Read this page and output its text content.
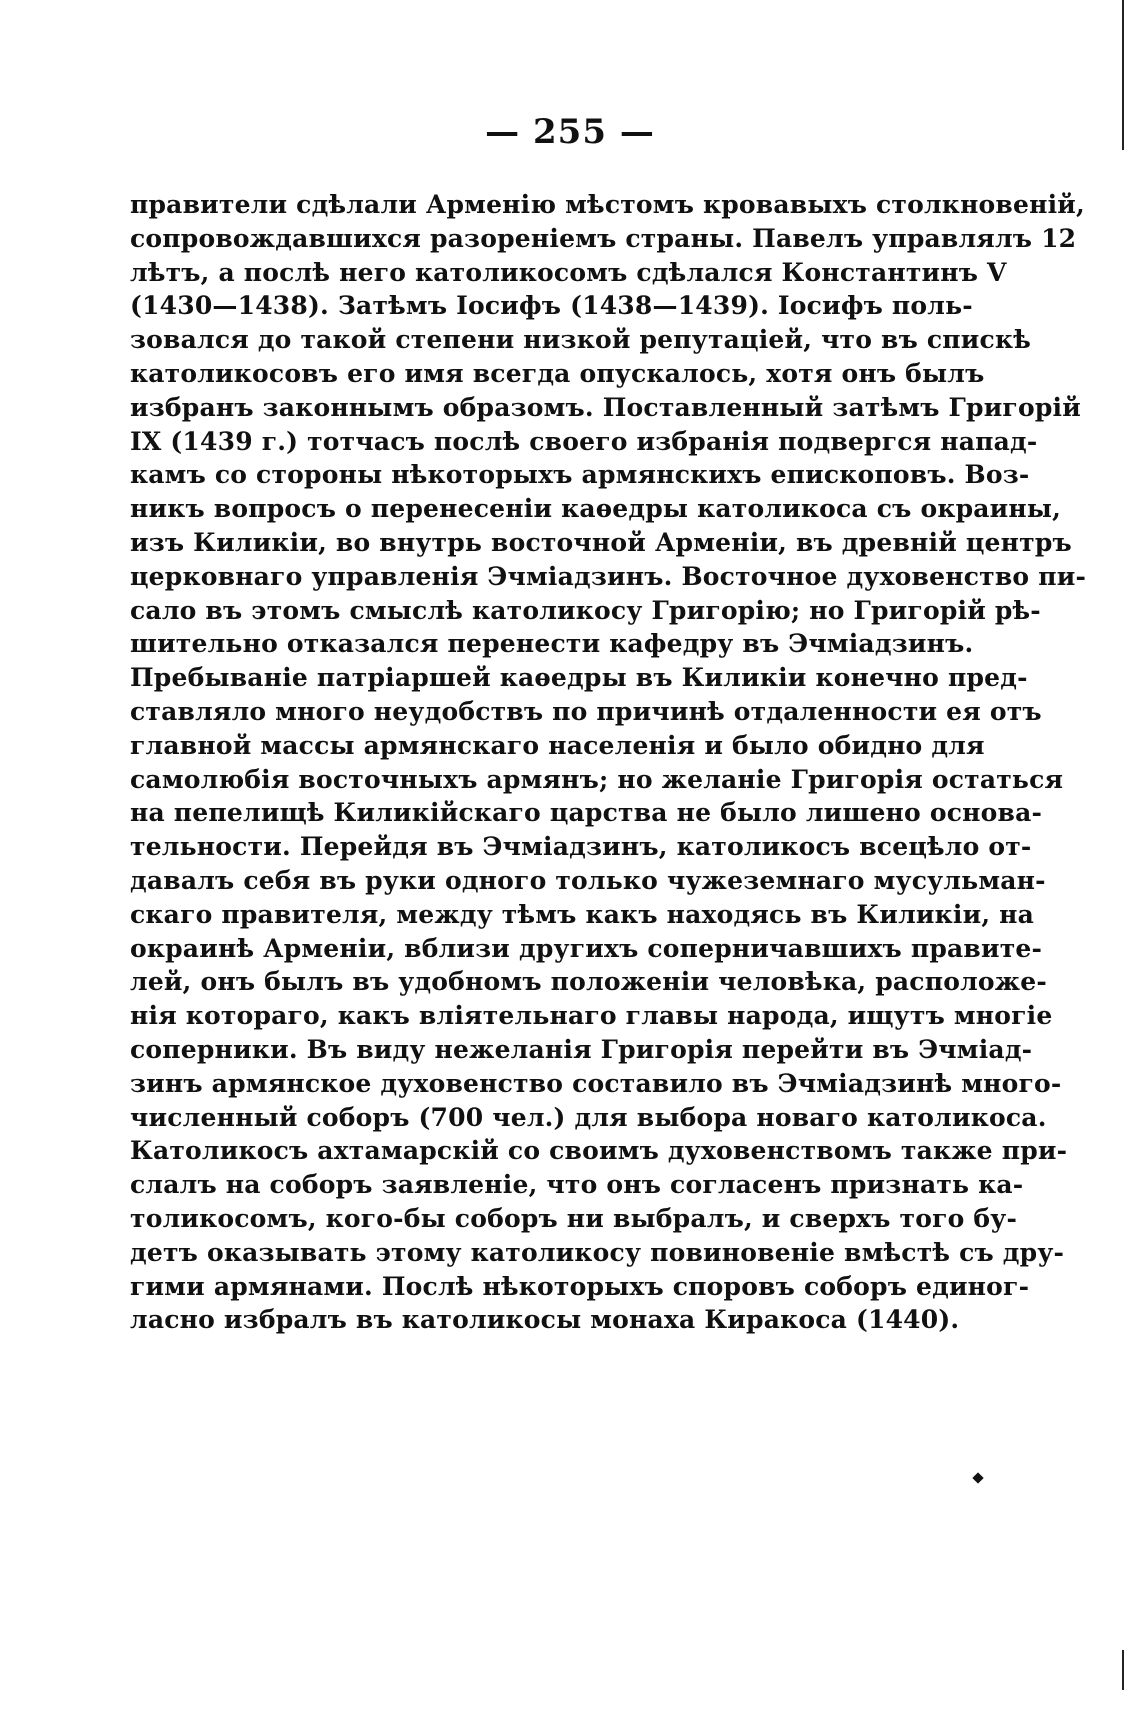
— 255 —
правители сдѣлали Арменію мѣстомъ кровавыхъ столкновеній,
сопровождавшихся разореніемъ страны. Павелъ управлялъ 12
лѣтъ, а послѣ него католикосомъ сдѣлался Константинъ V
(1430—1438). Затѣмъ Іосифъ (1438—1439). Іосифъ поль-
зовался до такой степени низкой репутаціей, что въ спискѣ
католикосовъ его имя всегда опускалось, хотя онъ былъ
избранъ законнымъ образомъ. Поставленный затѣмъ Григорій
IX (1439 г.) тотчасъ послѣ своего избранія подвергся напад-
камъ со стороны нѣкоторыхъ армянскихъ епископовъ. Воз-
никъ вопросъ о перенесеніи каѳедры католикоса съ окраины,
изъ Киликіи, во внутрь восточной Арменіи, въ древній центръ
церковнаго управленія Эчміадзинъ. Восточное духовенство пи-
сало въ этомъ смыслѣ католикосу Григорію; но Григорій рѣ-
шительно отказался перенести кафедру въ Эчміадзинъ.
Пребываніе патріаршей каѳедры въ Киликіи конечно пред-
ставляло много неудобствъ по причинѣ отдаленности ея отъ
главной массы армянскаго населенія и было обидно для
самолюбія восточныхъ армянъ; но желаніе Григорія остаться
на пепелищѣ Киликійскаго царства не было лишено основа-
тельности. Перейдя въ Эчміадзинъ, католикосъ всецѣло от-
давалъ себя въ руки одного только чужеземнаго мусульман-
скаго правителя, между тѣмъ какъ находясь въ Киликіи, на
окраинѣ Арменіи, вблизи другихъ соперничавшихъ правите-
лей, онъ былъ въ удобномъ положеніи человѣка, расположе-
нія котораго, какъ вліятельнаго главы народа, ищутъ многіе
соперники. Въ виду нежеланія Григорія перейти въ Эчміад-
зинъ армянское духовенство составило въ Эчміадзинѣ много-
численный соборъ (700 чел.) для выбора новаго католикоса.
Католикосъ ахтамарскій со своимъ духовенствомъ также при-
слалъ на соборъ заявленіе, что онъ согласенъ признать ка-
толикосомъ, кого-бы соборъ ни выбралъ, и сверхъ того бу-
детъ оказывать этому католикосу повиновеніе вмѣстѣ съ дру-
гими армянами. Послѣ нѣкоторыхъ споровъ соборъ единог-
ласно избралъ въ католикосы монаха Киракоса (1440).
